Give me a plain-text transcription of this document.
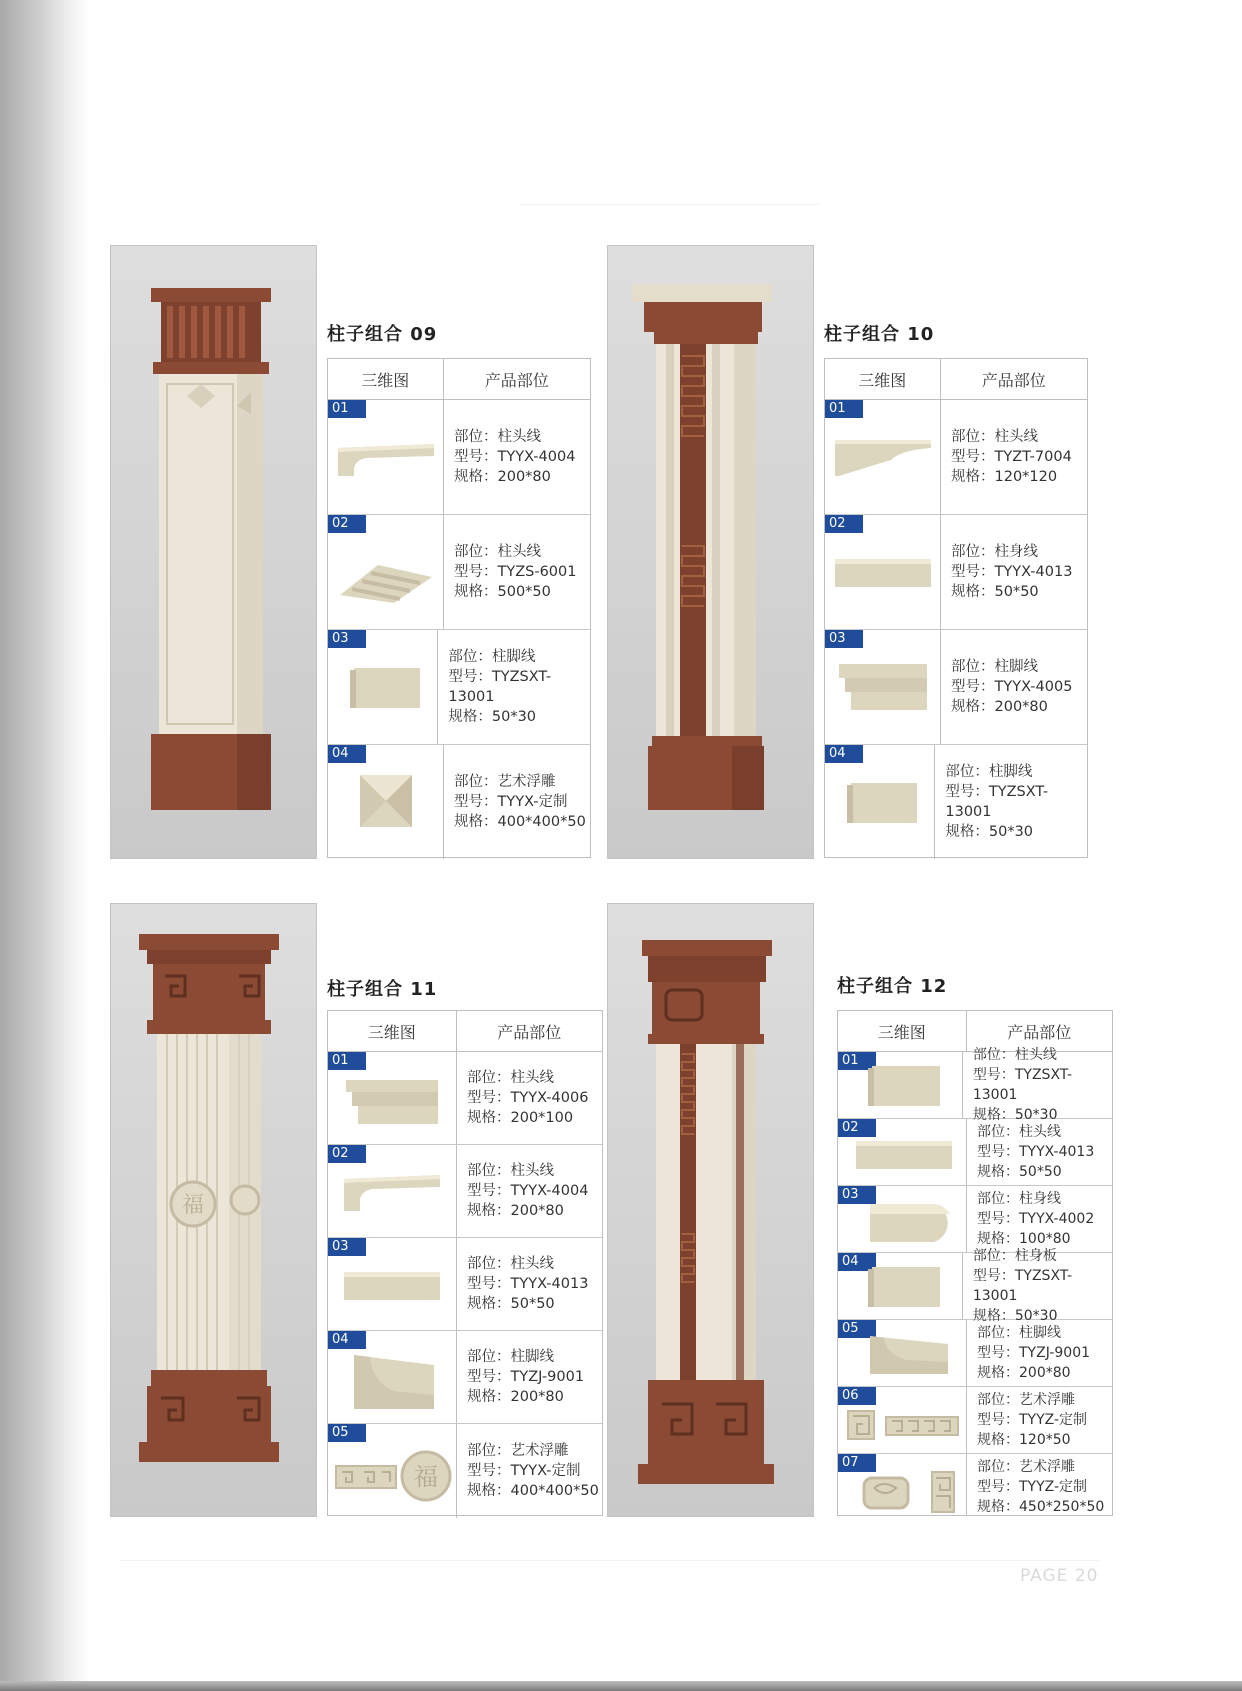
PAGE 20
柱子组合 09
三维图	产品部位
01
部位：柱头线
型号：TYYX-4004
规格：200*80
02
部位：柱头线
型号：TYZS-6001
规格：500*50
03
部位：柱脚线
型号：TYZSXT-13001
规格：50*30
04
部位：艺术浮雕
型号：TYYX-定制
规格：400*400*50
柱子组合 10
三维图	产品部位
01
部位：柱头线
型号：TYZT-7004
规格：120*120
02
部位：柱身线
型号：TYYX-4013
规格：50*50
03
部位：柱脚线
型号：TYYX-4005
规格：200*80
04
部位：柱脚线
型号：TYZSXT-13001
规格：50*30
福
柱子组合 11
三维图	产品部位
01
部位：柱头线
型号：TYYX-4006
规格：200*100
02
部位：柱头线
型号：TYYX-4004
规格：200*80
03
部位：柱头线
型号：TYYX-4013
规格：50*50
04
部位：柱脚线
型号：TYZJ-9001
规格：200*80
05
福
部位：艺术浮雕
型号：TYYX-定制
规格：400*400*50
柱子组合 12
三维图	产品部位
01	部位：柱头线
型号：TYZSXT-13001
规格：50*30
02	部位：柱头线
型号：TYYX-4013
规格：50*50
03	部位：柱身线
型号：TYYX-4002
规格：100*80
04	部位：柱身板
型号：TYZSXT-13001
规格：50*30
05	部位：柱脚线
型号：TYZJ-9001
规格：200*80
06	部位：艺术浮雕
型号：TYYZ-定制
规格：120*50
07	部位：艺术浮雕
型号：TYYZ-定制
规格：450*250*50
